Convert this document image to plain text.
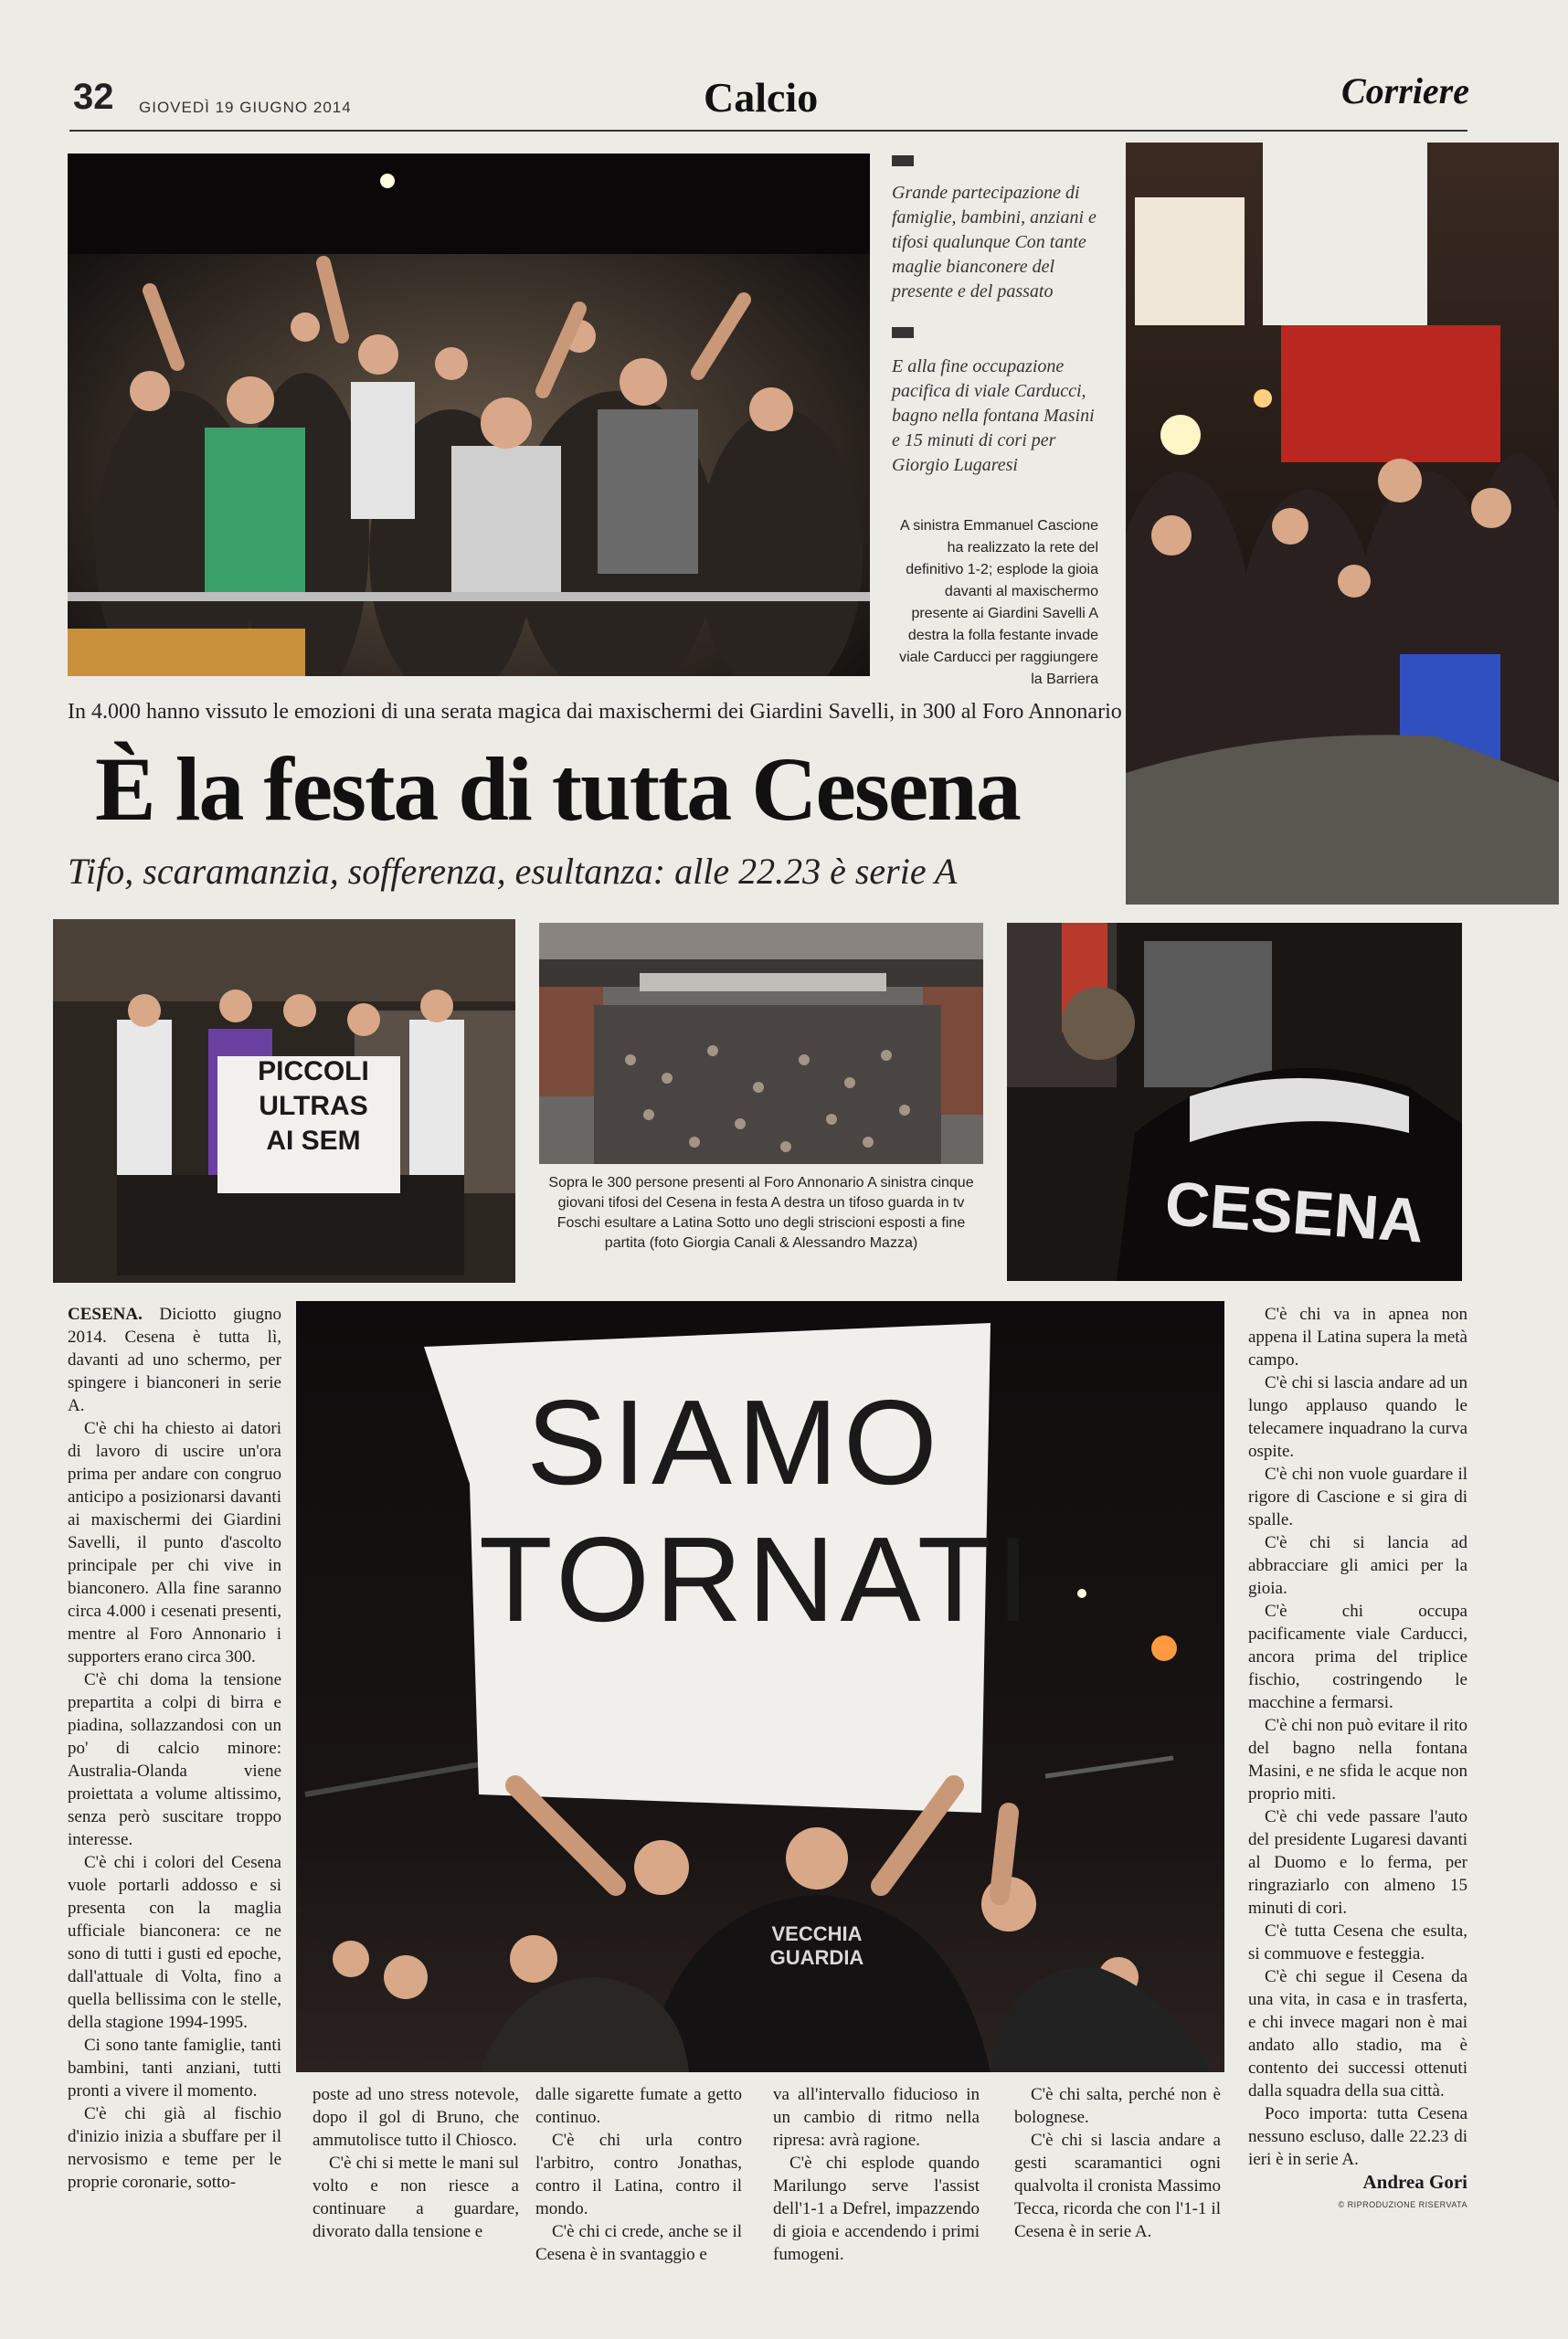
32 GIOVEDÌ 19 GIUGNO 2014	Calcio	Corriere
Grande partecipazione di famiglie, bambini, anziani e tifosi qualunque Con tante maglie bianconere del presente e del passato
E alla fine occupazione pacifica di viale Carducci, bagno nella fontana Masini e 15 minuti di cori per Giorgio Lugaresi
A sinistra Emmanuel Cascione ha realizzato la rete del definitivo 1-2; esplode la gioia davanti al maxischermo presente ai Giardini Savelli A destra la folla festante invade viale Carducci per raggiungere la Barriera
In 4.000 hanno vissuto le emozioni di una serata magica dai maxischermi dei Giardini Savelli, in 300 al Foro Annonario
È la festa di tutta Cesena
Tifo, scaramanzia, sofferenza, esultanza: alle 22.23 è serie A
PICCOLI
ULTRAS
AI SEM
Sopra le 300 persone presenti al Foro Annonario A sinistra cinque giovani tifosi del Cesena in festa A destra un tifoso guarda in tv Foschi esultare a Latina Sotto uno degli striscioni esposti a fine partita (foto Giorgia Canali & Alessandro Mazza)	CESENA
SIAMO
TORNATI
VECCHIA GUARDIA

CESENA. Diciotto giugno 2014. Cesena è tutta lì, davanti ad uno schermo, per spingere i bianconeri in serie A.

C'è chi ha chiesto ai datori di lavoro di uscire un'ora prima per andare con congruo anticipo a posizionarsi davanti ai maxischermi dei Giardini Savelli, il punto d'ascolto principale per chi vive in bianconero. Alla fine saranno circa 4.000 i cesenati presenti, mentre al Foro Annonario i supporters erano circa 300.

C'è chi doma la tensione prepartita a colpi di birra e piadina, sollazzandosi con un po' di calcio minore: Australia-Olanda viene proiettata a volume altissimo, senza però suscitare troppo interesse.

C'è chi i colori del Cesena vuole portarli addosso e si presenta con la maglia ufficiale bianconera: ce ne sono di tutti i gusti ed epoche, dall'attuale di Volta, fino a quella bellissima con le stelle, della stagione 1994-1995.

Ci sono tante famiglie, tanti bambini, tanti anziani, tutti pronti a vivere il momento.

C'è chi già al fischio d'inizio inizia a sbuffare per il nervosismo e teme per le proprie coronarie, sotto-

poste ad uno stress notevole, dopo il gol di Bruno, che ammutolisce tutto il Chiosco.

C'è chi si mette le mani sul volto e non riesce a continuare a guardare, divorato dalla tensione e

dalle sigarette fumate a getto continuo.

C'è chi urla contro l'arbitro, contro Jonathas, contro il Latina, contro il mondo.

C'è chi ci crede, anche se il Cesena è in svantaggio e

va all'intervallo fiducioso in un cambio di ritmo nella ripresa: avrà ragione.

C'è chi esplode quando Marilungo serve l'assist dell'1-1 a Defrel, impazzendo di gioia e accendendo i primi fumogeni.

C'è chi salta, perché non è bolognese.

C'è chi si lascia andare a gesti scaramantici ogni qualvolta il cronista Massimo Tecca, ricorda che con l'1-1 il Cesena è in serie A.

C'è chi va in apnea non appena il Latina supera la metà campo.

C'è chi si lascia andare ad un lungo applauso quando le telecamere inquadrano la curva ospite.

C'è chi non vuole guardare il rigore di Cascione e si gira di spalle.

C'è chi si lancia ad abbracciare gli amici per la gioia.

C'è chi occupa pacificamente viale Carducci, ancora prima del triplice fischio, costringendo le macchine a fermarsi.

C'è chi non può evitare il rito del bagno nella fontana Masini, e ne sfida le acque non proprio miti.

C'è chi vede passare l'auto del presidente Lugaresi davanti al Duomo e lo ferma, per ringraziarlo con almeno 15 minuti di cori.

C'è tutta Cesena che esulta, si commuove e festeggia.

C'è chi segue il Cesena da una vita, in casa e in trasferta, e chi invece magari non è mai andato allo stadio, ma è contento dei successi ottenuti dalla squadra della sua città.

Poco importa: tutta Cesena nessuno escluso, dalle 22.23 di ieri è in serie A.

Andrea Gori
© RIPRODUZIONE RISERVATA
